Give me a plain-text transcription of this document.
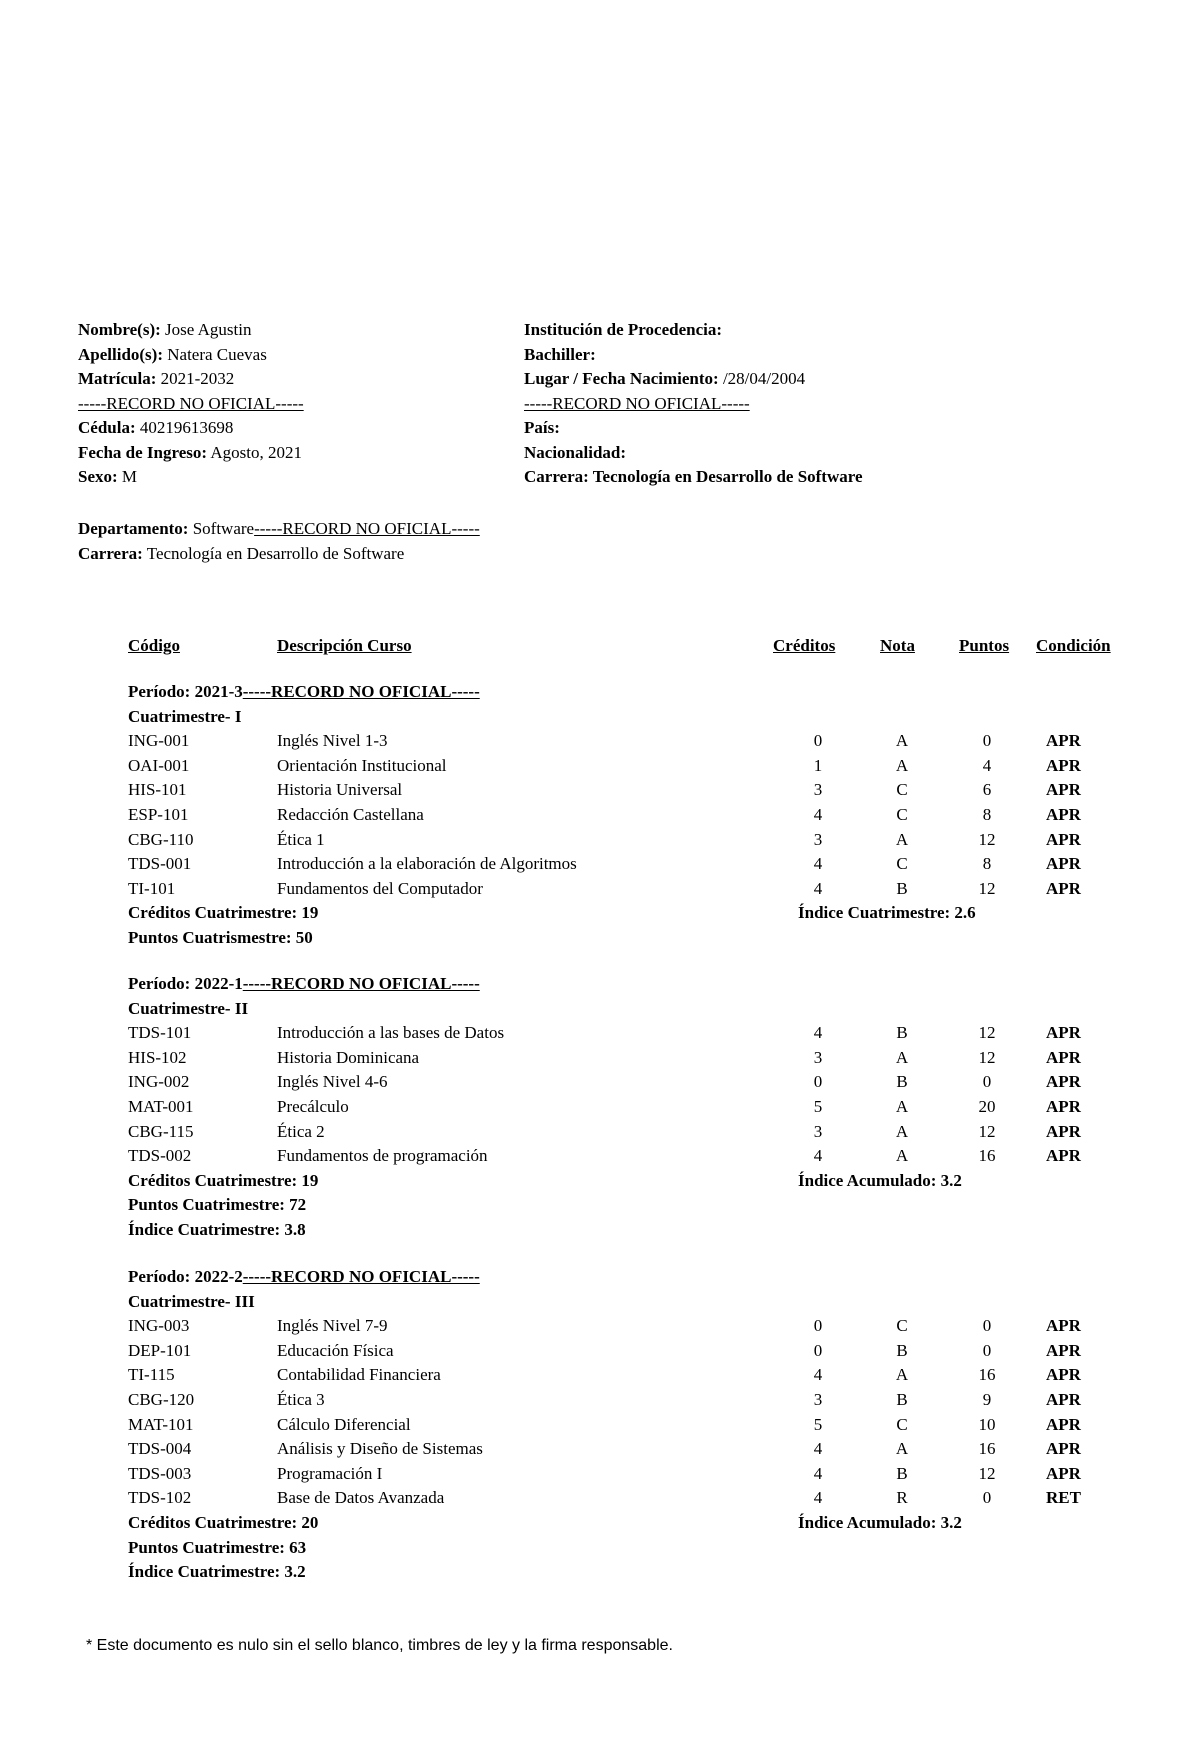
Nombre(s): Jose Agustin
Apellido(s): Natera Cuevas
Matrícula: 2021-2032
-----RECORD NO OFICIAL-----
Cédula: 40219613698
Fecha de Ingreso: Agosto, 2021
Sexo: M
Institución de Procedencia:
Bachiller:
Lugar / Fecha Nacimiento: /28/04/2004
-----RECORD NO OFICIAL-----
País:
Nacionalidad:
Carrera: Tecnología en Desarrollo de Software
Departamento: Software-----RECORD NO OFICIAL-----
Carrera: Tecnología en Desarrollo de Software
Código	Descripción Curso	Créditos	Nota	Puntos Condición
Período: 2021-3-----RECORD NO OFICIAL-----
Cuatrimestre- I
ING-001	Inglés Nivel 1-3	0	A	0	APR
OAI-001	Orientación Institucional	1	A	4	APR
HIS-101	Historia Universal	3	C	6	APR
ESP-101	Redacción Castellana	4	C	8	APR
CBG-110	Ética 1	3	A	12	APR
TDS-001	Introducción a la elaboración de Algoritmos	4	C	8	APR
TI-101	Fundamentos del Computador	4	B	12	APR
Créditos Cuatrimestre: 19	Índice Cuatrimestre: 2.6
Puntos Cuatrismestre: 50
Período: 2022-1-----RECORD NO OFICIAL-----
Cuatrimestre- II
TDS-101	Introducción a las bases de Datos	4	B	12	APR
HIS-102	Historia Dominicana	3	A	12	APR
ING-002	Inglés Nivel 4-6	0	B	0	APR
MAT-001	Precálculo	5	A	20	APR
CBG-115	Ética 2	3	A	12	APR
TDS-002	Fundamentos de programación	4	A	16	APR
Créditos Cuatrimestre: 19	Índice Acumulado: 3.2
Puntos Cuatrimestre: 72
Índice Cuatrimestre: 3.8
Período: 2022-2-----RECORD NO OFICIAL-----
Cuatrimestre- III
ING-003	Inglés Nivel 7-9	0	C	0	APR
DEP-101	Educación Física	0	B	0	APR
TI-115	Contabilidad Financiera	4	A	16	APR
CBG-120	Ética 3	3	B	9	APR
MAT-101	Cálculo Diferencial	5	C	10	APR
TDS-004	Análisis y Diseño de Sistemas	4	A	16	APR
TDS-003	Programación I	4	B	12	APR
TDS-102	Base de Datos Avanzada	4	R	0	RET
Créditos Cuatrimestre: 20	Índice Acumulado: 3.2
Puntos Cuatrimestre: 63
Índice Cuatrimestre: 3.2
* Este documento es nulo sin el sello blanco, timbres de ley y la firma responsable.
